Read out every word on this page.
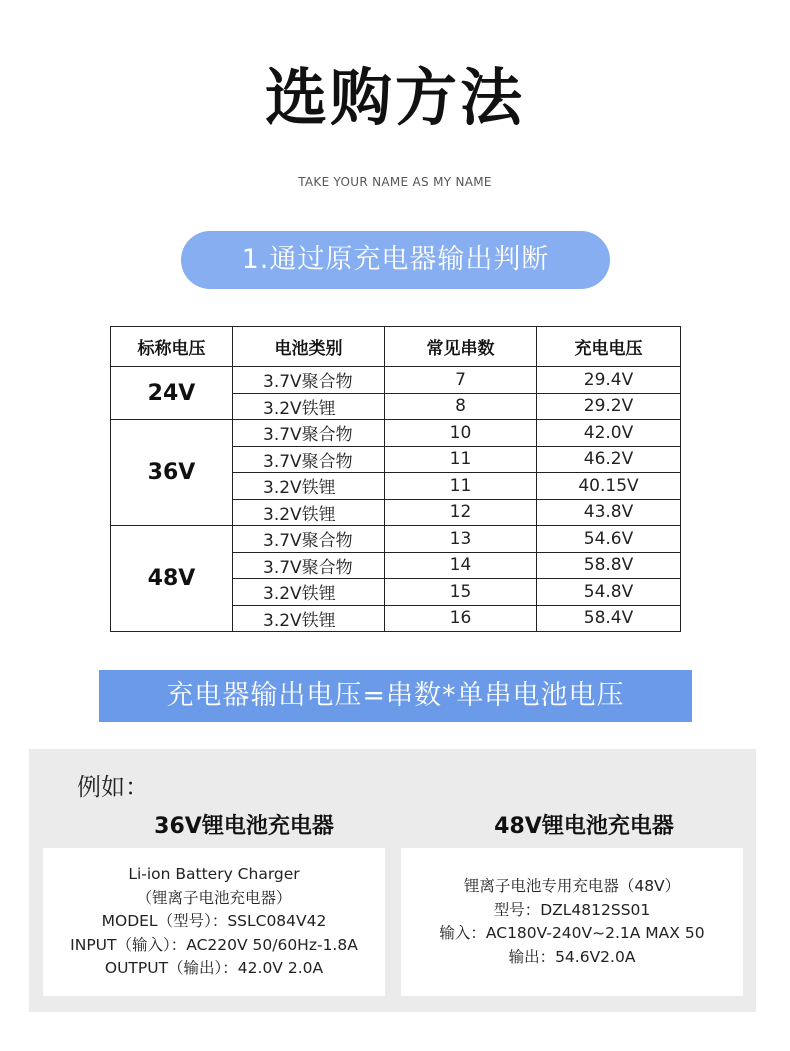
选购方法
TAKE YOUR NAME AS MY NAME
1.通过原充电器输出判断
标称电压	电池类别	常见串数	充电电压
24V	3.7V聚合物	7	29.4V
	3.2V铁锂	8	29.2V
36V	3.7V聚合物	10	42.0V
	3.7V聚合物	11	46.2V
	3.2V铁锂	11	40.15V
	3.2V铁锂	12	43.8V
48V	3.7V聚合物	13	54.6V
	3.7V聚合物	14	58.8V
	3.2V铁锂	15	54.8V
	3.2V铁锂	16	58.4V
充电器输出电压=串数*单串电池电压
例如：
36V锂电池充电器	48V锂电池充电器
Li-ion Battery Charger
（锂离子电池充电器）
MODEL（型号）：SSLC084V42
INPUT（输入）：AC220V 50/60Hz-1.8A
OUTPUT（输出）：42.0V 2.0A
锂离子电池专用充电器（48V）
型号：DZL4812SS01
输入：AC180V-240V~2.1A MAX 50
输出：54.6V2.0A
